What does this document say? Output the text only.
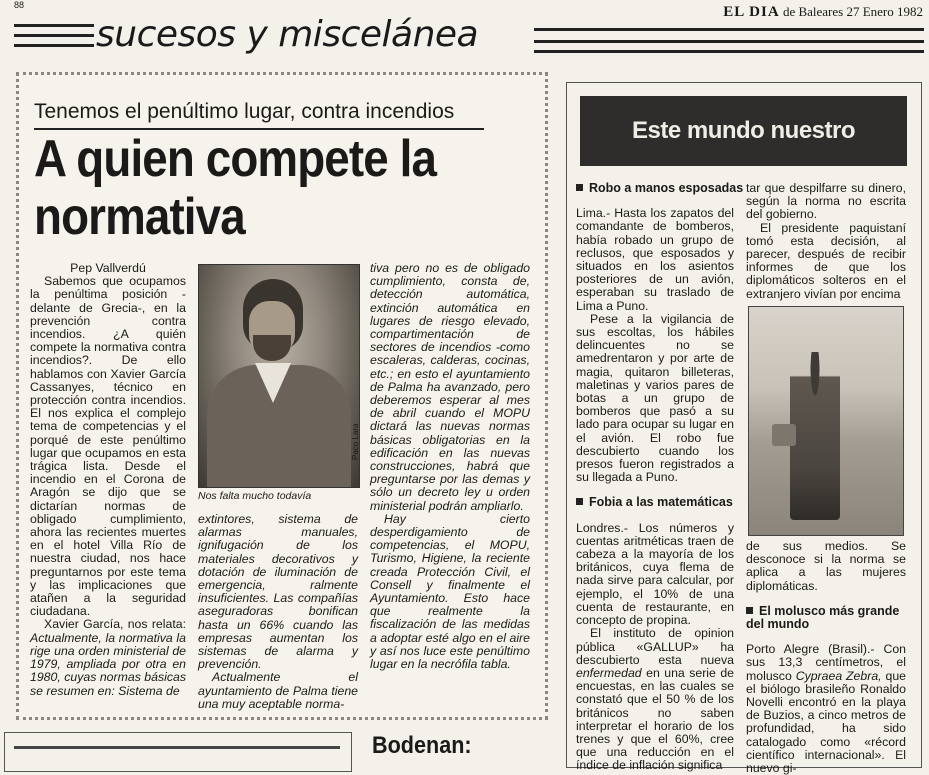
88
sucesos y miscelánea
EL DIA de Baleares 27 Enero 1982
Tenemos el penúltimo lugar, contra incendios
A quien compete la
normativa

Pep Vallverdú

Sabemos que ocupamos la penúltima posición -delante de Grecia-, en la prevención contra incendios. ¿A quién compete la normativa contra incendios?. De ello hablamos con Xavier García Cassanyes, técnico en protección contra incendios. El nos explica el complejo tema de competencias y el porqué de este penúltimo lugar que ocupamos en esta trágica lista. Desde el incendio en el Corona de Aragón se dijo que se dictarían normas de obligado cumplimiento, ahora las recientes muertes en el hotel Villa Río de nuestra ciudad, nos hace preguntarnos por este tema y las implicaciones que atañen a la seguridad ciudadana.

Xavier García, nos relata: Actualmente, la normativa la rige una orden ministerial de 1979, ampliada por otra en 1980, cuyas normas básicas se resumen en: Sistema de

Paco Lara
Nos falta mucho todavía

extintores, sistema de alarmas manuales, ignifugación de los materiales decorativos y dotación de iluminación de emergencia, ralmente insuficientes. Las compañías aseguradoras bonifican hasta un 66% cuando las empresas aumentan los sistemas de alarma y prevención.

Actualmente el ayuntamiento de Palma tiene una muy aceptable norma-

tiva pero no es de obligado cumplimiento, consta de, detección automática, extinción automática en lugares de riesgo elevado, compartimentación de sectores de incendios -como escaleras, calderas, cocinas, etc.; en esto el ayuntamiento de Palma ha avanzado, pero deberemos esperar al mes de abril cuando el MOPU dictará las nuevas normas básicas obligatorias en la edificación en las nuevas construcciones, habrá que preguntarse por las demas y sólo un decreto ley u orden ministerial podrán ampliarlo.

Hay cierto desperdigamiento de competencias, el MOPU, Turismo, Higiene, la reciente creada Protección Civil, el Consell y finalmente el Ayuntamiento. Esto hace que realmente la fiscalización de las medidas a adoptar esté algo en el aire y así nos luce este penúltimo lugar en la necrófila tabla.

Este mundo nuestro
Robo a manos esposadas

Lima.- Hasta los zapatos del comandante de bomberos, había robado un grupo de reclusos, que esposados y situados en los asientos posteriores de un avión, esperaban su traslado de Lima a Puno.

Pese a la vigilancia de sus escoltas, los hábiles delincuentes no se amedrentaron y por arte de magia, quitaron billeteras, maletinas y varios pares de botas a un grupo de bomberos que pasó a su lado para ocupar su lugar en el avión. El robo fue descubierto cuando los presos fueron registrados a su llegada a Puno.

Fobia a las matemáticas

Londres.- Los números y cuentas aritméticas traen de cabeza a la mayoría de los británicos, cuya flema de nada sirve para calcular, por ejemplo, el 10% de una cuenta de restaurante, en concepto de propina.

El instituto de opinion pública «GALLUP» ha descubierto esta nueva enfermedad en una serie de encuestas, en las cuales se constató que el 50 % de los británicos no saben interpretar el horario de los trenes y que el 60%, cree que una reducción en el índice de inflación significa

tar que despilfarre su dinero, según la norma no escrita del gobierno.

El presidente paquistaní tomó esta decisión, al parecer, después de recibir informes de que los diplomáticos solteros en el extranjero vivían por encima

de sus medios. Se desconoce si la norma se aplica a las mujeres diplomáticas.

El molusco más grande
del mundo

Porto Alegre (Brasil).- Con sus 13,3 centímetros, el molusco Cypraea Zebra, que el biólogo brasileño Ronaldo Novelli encontró en la playa de Buzios, a cinco metros de profundidad, ha sido catalogado como «récord científico internacional». El nuevo gi-

Bodenan:
